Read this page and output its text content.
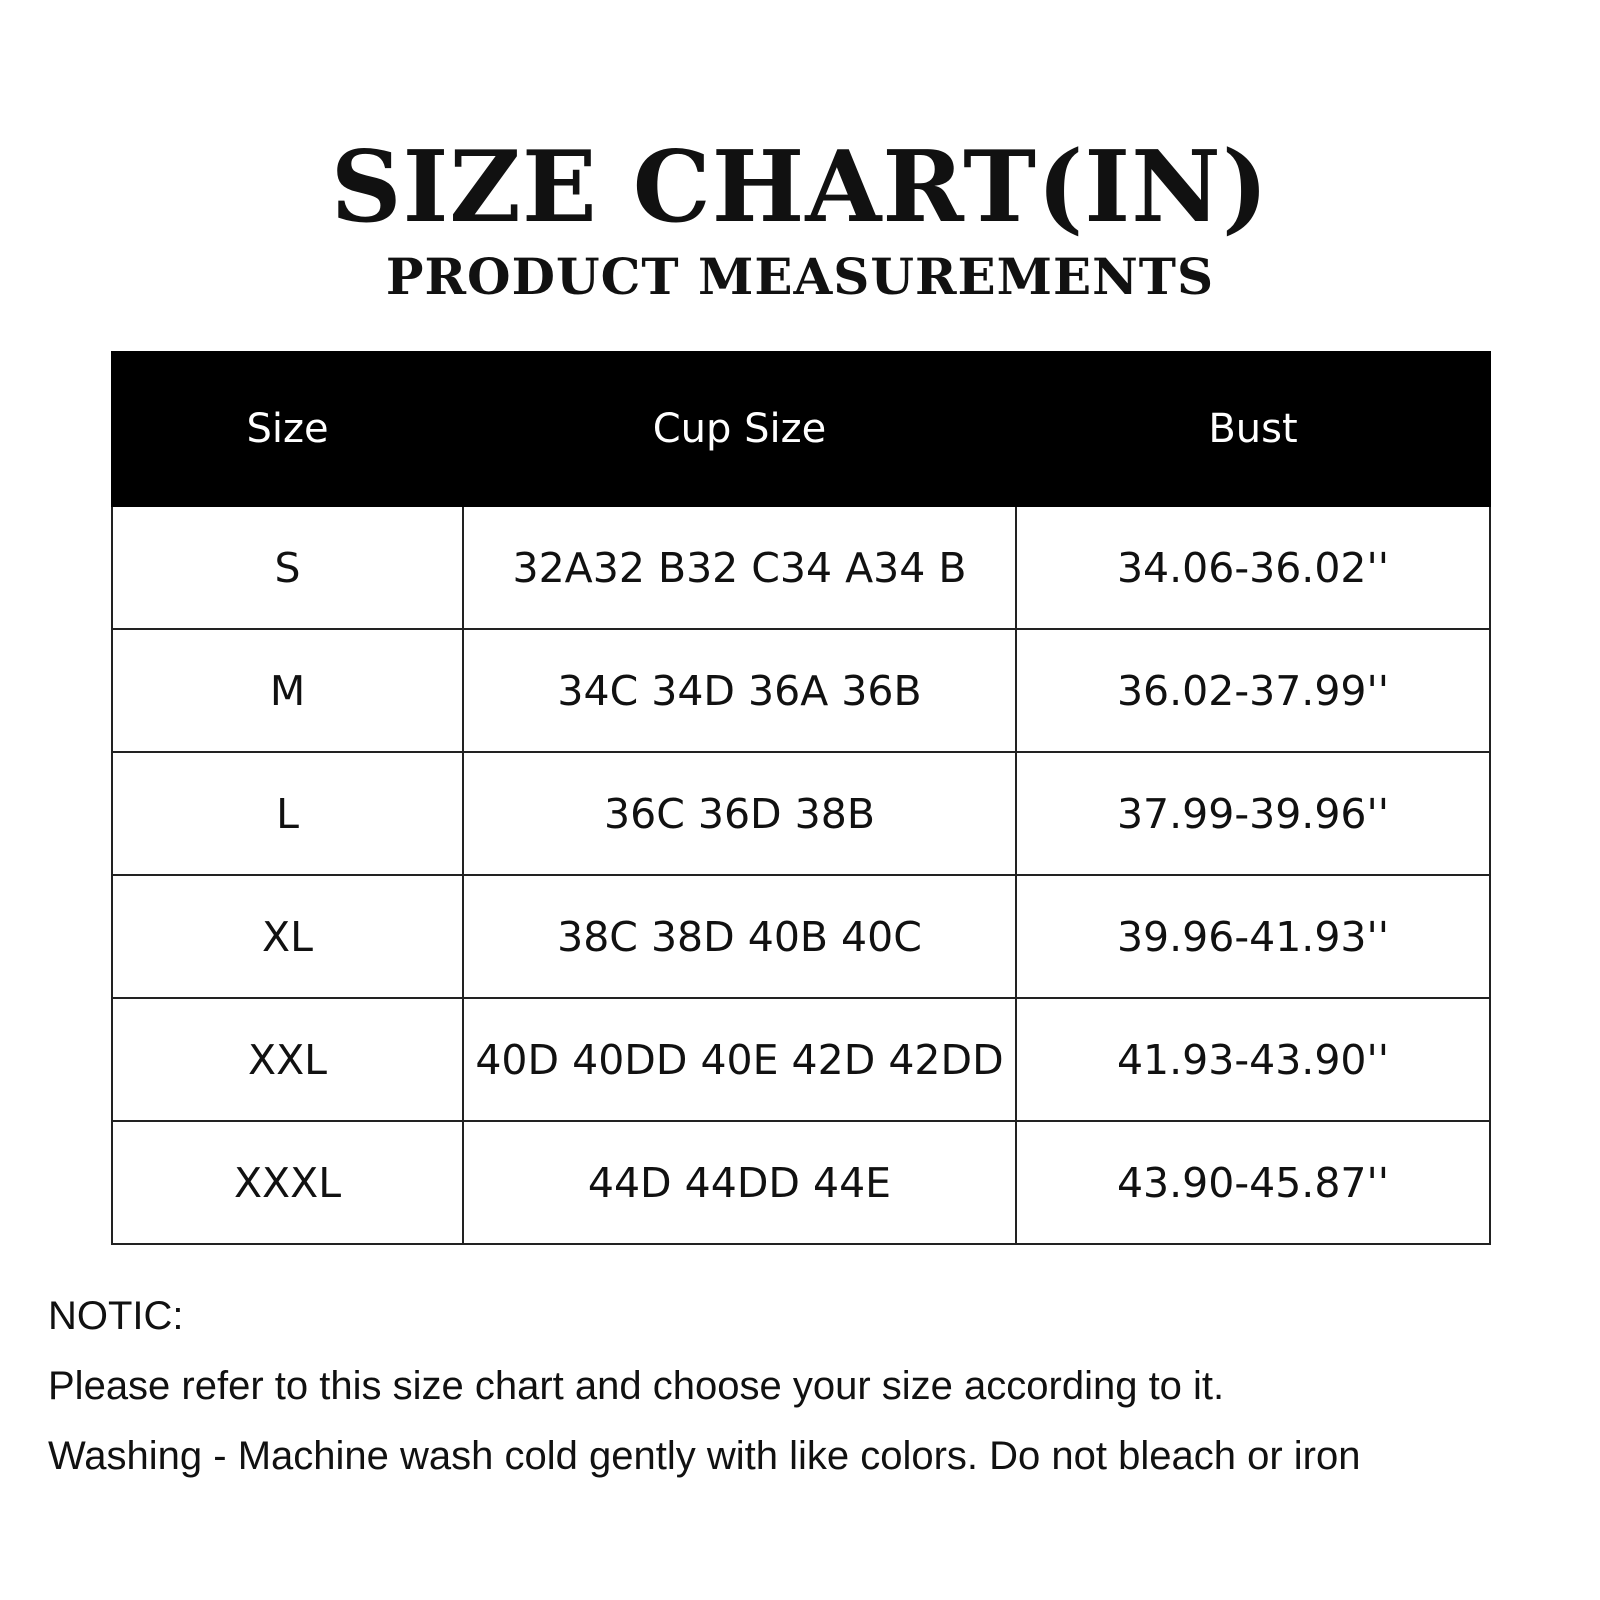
SIZE CHART(IN)
PRODUCT MEASUREMENTS
Size	Cup Size	Bust
S	32A32 B32 C34 A34 B	34.06-36.02''
M	34C 34D 36A 36B	36.02-37.99''
L	36C 36D 38B	37.99-39.96''
XL	38C 38D 40B 40C	39.96-41.93''
XXL	40D 40DD 40E 42D 42DD	41.93-43.90''
XXXL	44D 44DD 44E	43.90-45.87''
NOTIC:
Please refer to this size chart and choose your size according to it.
Washing - Machine wash cold gently with like colors. Do not bleach or iron
